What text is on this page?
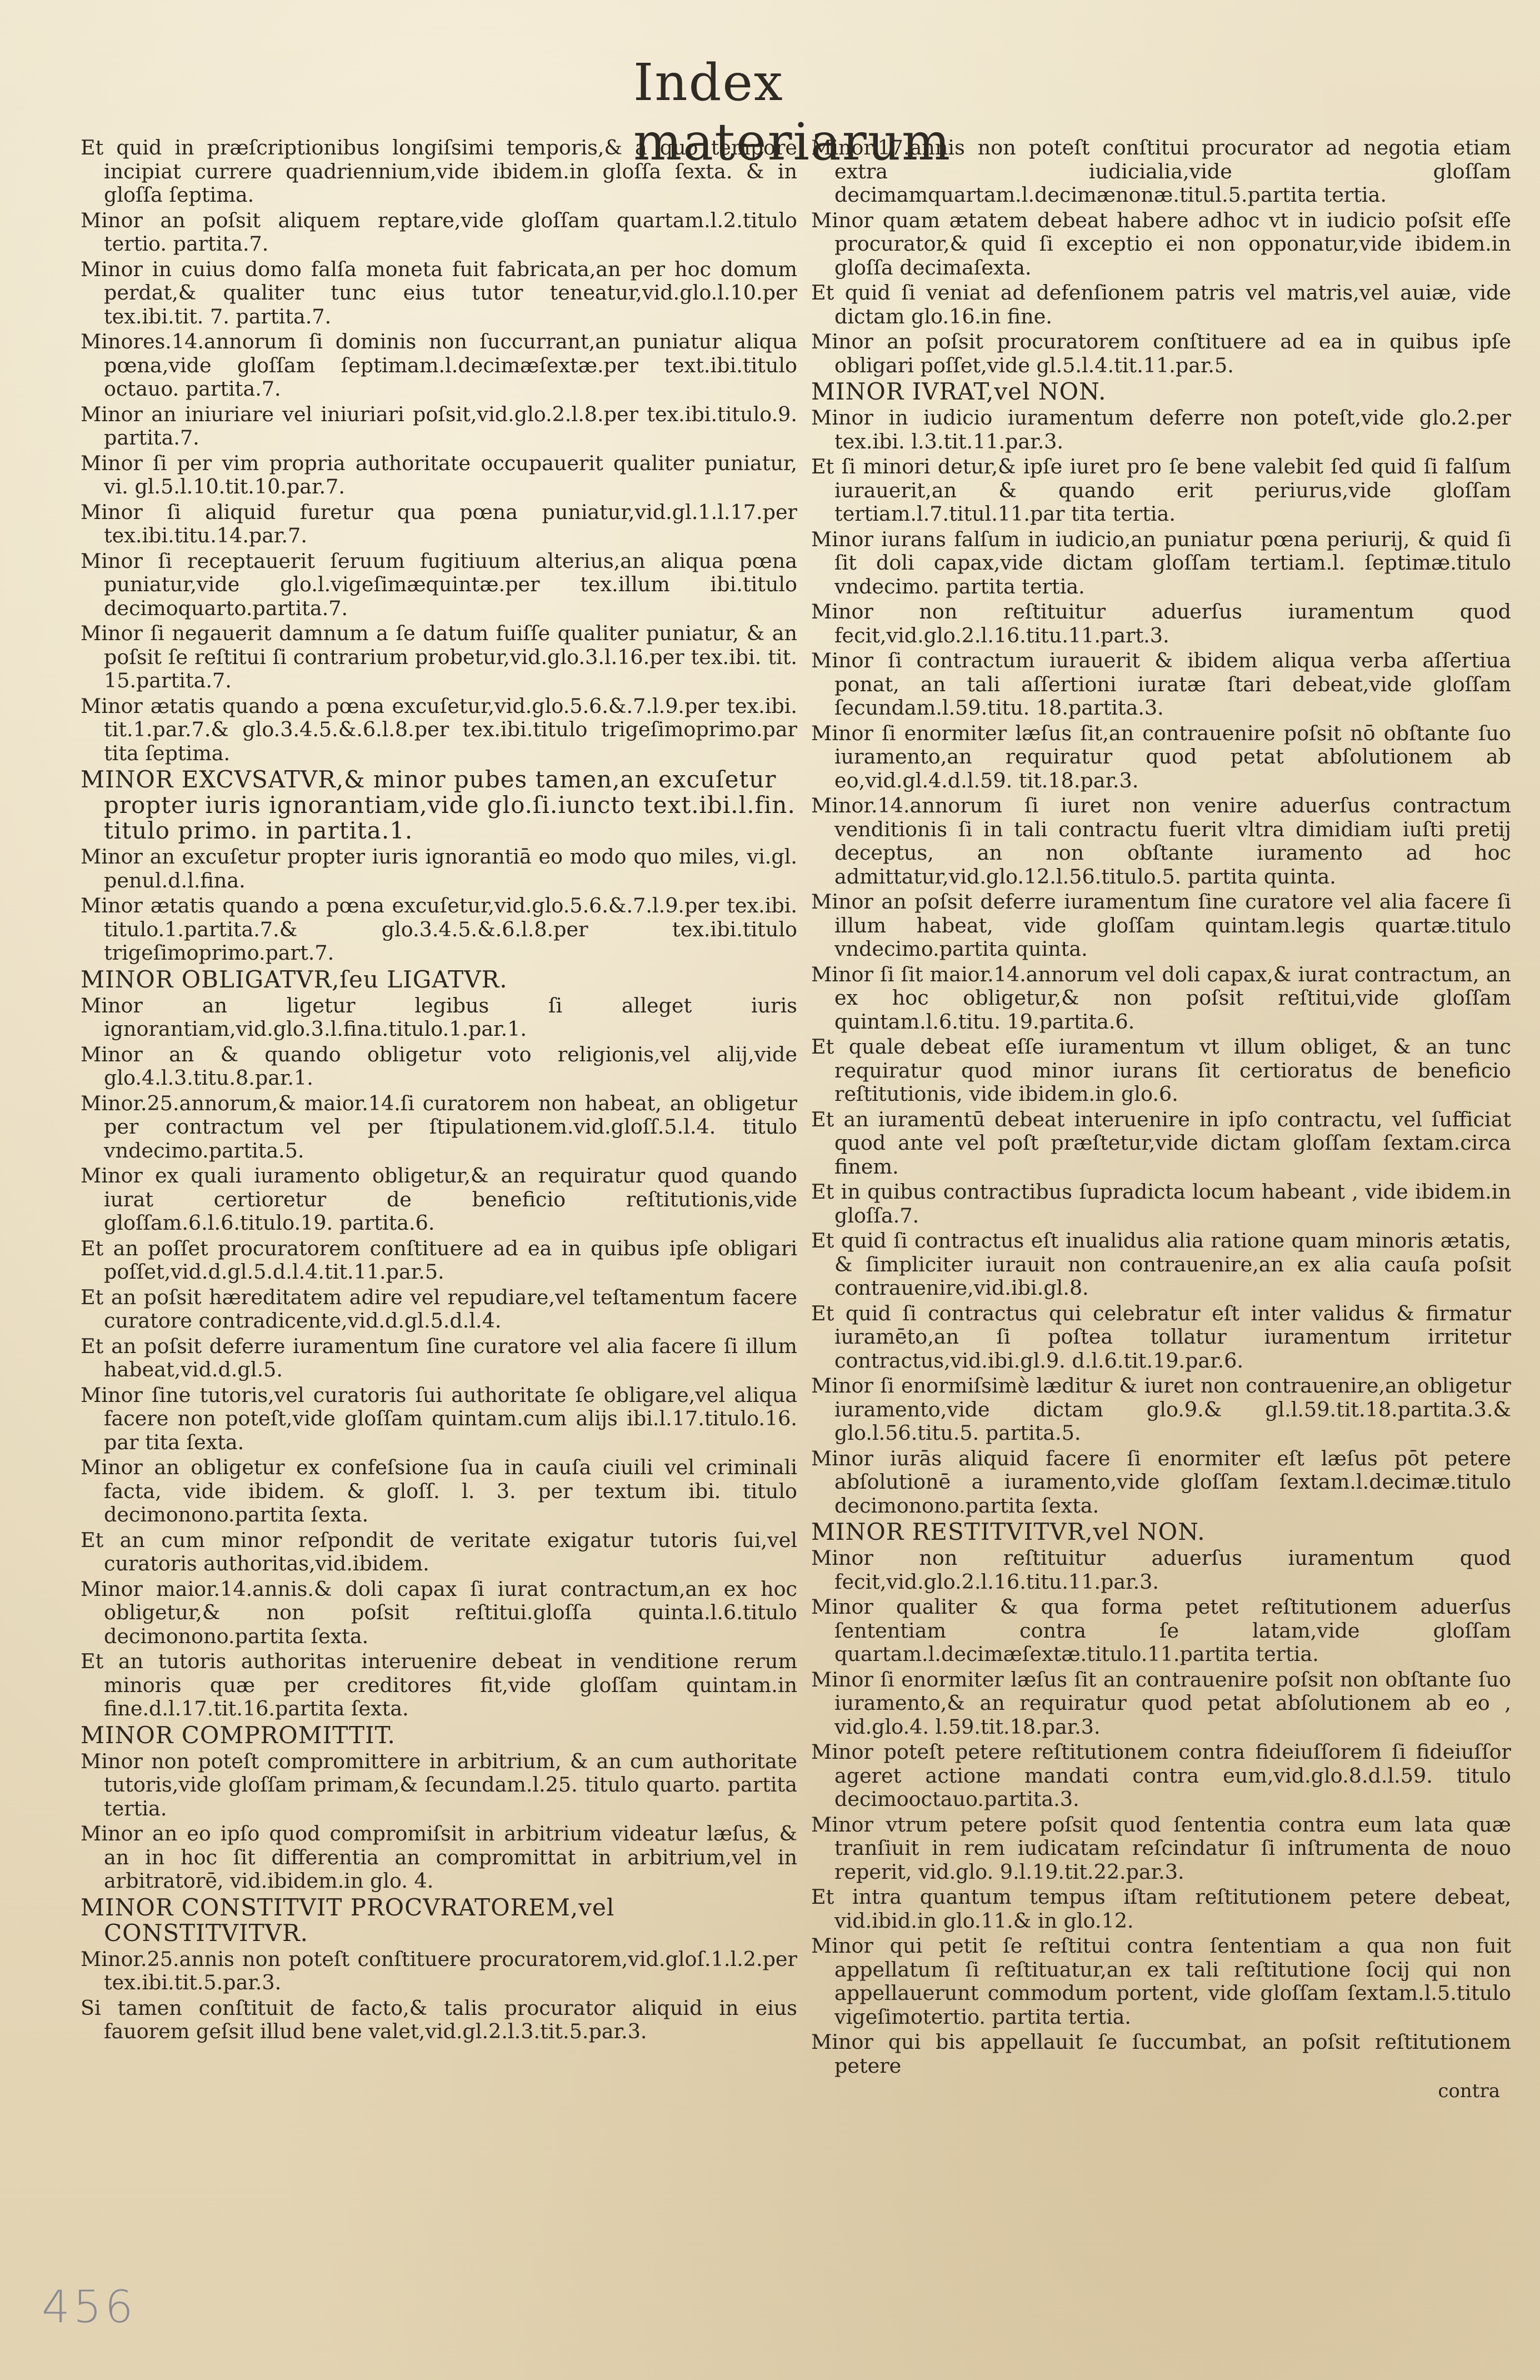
Index materiarum

Et quid in præſcriptionibus longiſsimi temporis,& a quo tempore incipiat currere quadriennium,vide ibidem.in gloſſa ſexta. & in gloſſa ſeptima.

Minor an poſsit aliquem reptare,vide gloſſam quartam.l.2.titulo tertio. partita.7.

Minor in cuius domo falſa moneta fuit fabricata,an per hoc domum perdat,& qualiter tunc eius tutor teneatur,vid.glo.l.10.per tex.ibi.tit. 7. partita.7.

Minores.14.annorum ſi dominis non ſuccurrant,an puniatur aliqua pœna,vide gloſſam ſeptimam.l.decimæſextæ.per text.ibi.titulo octauo. partita.7.

Minor an iniuriare vel iniuriari poſsit,vid.glo.2.l.8.per tex.ibi.titulo.9. partita.7.

Minor ſi per vim propria authoritate occupauerit qualiter puniatur, vi. gl.5.l.10.tit.10.par.7.

Minor ſi aliquid furetur qua pœna puniatur,vid.gl.1.l.17.per tex.ibi.titu.14.par.7.

Minor ſi receptauerit ſeruum fugitiuum alterius,an aliqua pœna puniatur,vide glo.l.vigeſimæquintæ.per tex.illum ibi.titulo decimoquarto.partita.7.

Minor ſi negauerit damnum a ſe datum fuiſſe qualiter puniatur, & an poſsit ſe reſtitui ſi contrarium probetur,vid.glo.3.l.16.per tex.ibi. tit. 15.partita.7.

Minor ætatis quando a pœna excuſetur,vid.glo.5.6.&.7.l.9.per tex.ibi. tit.1.par.7.& glo.3.4.5.&.6.l.8.per tex.ibi.titulo trigeſimoprimo.par tita ſeptima.

MINOR EXCVSATVR,& minor pubes tamen,an excuſetur propter iuris ignorantiam,vide glo.ſi.iuncto text.ibi.l.fin. titulo primo. in partita.1.

Minor an excuſetur propter iuris ignorantiā eo modo quo miles, vi.gl. penul.d.l.fina.

Minor ætatis quando a pœna excuſetur,vid.glo.5.6.&.7.l.9.per tex.ibi. titulo.1.partita.7.& glo.3.4.5.&.6.l.8.per tex.ibi.titulo trigeſimoprimo.part.7.

MINOR OBLIGATVR,ſeu LIGATVR.

Minor an ligetur legibus ſi alleget iuris ignorantiam,vid.glo.3.l.fina.titulo.1.par.1.

Minor an & quando obligetur voto religionis,vel alij,vide glo.4.l.3.titu.8.par.1.

Minor.25.annorum,& maior.14.ſi curatorem non habeat, an obligetur per contractum vel per ſtipulationem.vid.gloſſ.5.l.4. titulo vndecimo.partita.5.

Minor ex quali iuramento obligetur,& an requiratur quod quando iurat certioretur de beneficio reſtitutionis,vide gloſſam.6.l.6.titulo.19. partita.6.

Et an poſſet procuratorem conſtituere ad ea in quibus ipſe obligari poſſet,vid.d.gl.5.d.l.4.tit.11.par.5.

Et an poſsit hæreditatem adire vel repudiare,vel teſtamentum facere curatore contradicente,vid.d.gl.5.d.l.4.

Et an poſsit deferre iuramentum ſine curatore vel alia facere ſi illum habeat,vid.d.gl.5.

Minor ſine tutoris,vel curatoris ſui authoritate ſe obligare,vel aliqua facere non poteſt,vide gloſſam quintam.cum alijs ibi.l.17.titulo.16. par tita ſexta.

Minor an obligetur ex confeſsione ſua in cauſa ciuili vel criminali facta, vide ibidem. & gloſſ. l. 3. per textum ibi. titulo decimonono.partita ſexta.

Et an cum minor reſpondit de veritate exigatur tutoris ſui,vel curatoris authoritas,vid.ibidem.

Minor maior.14.annis.& doli capax ſi iurat contractum,an ex hoc obligetur,& non poſsit reſtitui.gloſſa quinta.l.6.titulo decimonono.partita ſexta.

Et an tutoris authoritas interuenire debeat in venditione rerum minoris quæ per creditores fit,vide gloſſam quintam.in fine.d.l.17.tit.16.partita ſexta.

MINOR COMPROMITTIT.

Minor non poteſt compromittere in arbitrium, & an cum authoritate tutoris,vide gloſſam primam,& ſecundam.l.25. titulo quarto. partita tertia.

Minor an eo ipſo quod compromiſsit in arbitrium videatur læſus, & an in hoc ſit differentia an compromittat in arbitrium,vel in arbitratorē, vid.ibidem.in glo. 4.

MINOR CONSTITVIT PROCVRATOREM,vel CONSTITVITVR.

Minor.25.annis non poteſt conſtituere procuratorem,vid.gloſ.1.l.2.per tex.ibi.tit.5.par.3.

Si tamen conſtituit de facto,& talis procurator aliquid in eius fauorem geſsit illud bene valet,vid.gl.2.l.3.tit.5.par.3.

Minor.17.annis non poteſt conſtitui procurator ad negotia etiam extra iudicialia,vide gloſſam decimamquartam.l.decimænonæ.titul.5.partita tertia.

Minor quam ætatem debeat habere adhoc vt in iudicio poſsit eſſe procurator,& quid ſi exceptio ei non opponatur,vide ibidem.in gloſſa decimaſexta.

Et quid ſi veniat ad defenſionem patris vel matris,vel auiæ, vide dictam glo.16.in fine.

Minor an poſsit procuratorem conſtituere ad ea in quibus ipſe obligari poſſet,vide gl.5.l.4.tit.11.par.5.

MINOR IVRAT,vel NON.

Minor in iudicio iuramentum deferre non poteſt,vide glo.2.per tex.ibi. l.3.tit.11.par.3.

Et ſi minori detur,& ipſe iuret pro ſe bene valebit ſed quid ſi falſum iurauerit,an & quando erit periurus,vide gloſſam tertiam.l.7.titul.11.par tita tertia.

Minor iurans falſum in iudicio,an puniatur pœna periurij, & quid ſi ſit doli capax,vide dictam gloſſam tertiam.l. ſeptimæ.titulo vndecimo. partita tertia.

Minor non reſtituitur aduerſus iuramentum quod fecit,vid.glo.2.l.16.titu.11.part.3.

Minor ſi contractum iurauerit & ibidem aliqua verba aſſertiua ponat, an tali aſſertioni iuratæ ſtari debeat,vide gloſſam ſecundam.l.59.titu. 18.partita.3.

Minor ſi enormiter læſus ſit,an contrauenire poſsit nō obſtante ſuo iuramento,an requiratur quod petat abſolutionem ab eo,vid.gl.4.d.l.59. tit.18.par.3.

Minor.14.annorum ſi iuret non venire aduerſus contractum venditionis ſi in tali contractu fuerit vltra dimidiam iuſti pretij deceptus, an non obſtante iuramento ad hoc admittatur,vid.glo.12.l.56.titulo.5. partita quinta.

Minor an poſsit deferre iuramentum ſine curatore vel alia facere ſi illum habeat, vide gloſſam quintam.legis quartæ.titulo vndecimo.partita quinta.

Minor ſi ſit maior.14.annorum vel doli capax,& iurat contractum, an ex hoc obligetur,& non poſsit reſtitui,vide gloſſam quintam.l.6.titu. 19.partita.6.

Et quale debeat eſſe iuramentum vt illum obliget, & an tunc requiratur quod minor iurans ſit certioratus de beneficio reſtitutionis, vide ibidem.in glo.6.

Et an iuramentū debeat interuenire in ipſo contractu, vel ſufficiat quod ante vel poſt præſtetur,vide dictam gloſſam ſextam.circa finem.

Et in quibus contractibus ſupradicta locum habeant , vide ibidem.in gloſſa.7.

Et quid ſi contractus eſt inualidus alia ratione quam minoris ætatis, & ſimpliciter iurauit non contrauenire,an ex alia cauſa poſsit contrauenire,vid.ibi.gl.8.

Et quid ſi contractus qui celebratur eſt inter validus & firmatur iuramēto,an ſi poſtea tollatur iuramentum irritetur contractus,vid.ibi.gl.9. d.l.6.tit.19.par.6.

Minor ſi enormiſsimè læditur & iuret non contrauenire,an obligetur iuramento,vide dictam glo.9.& gl.l.59.tit.18.partita.3.& glo.l.56.titu.5. partita.5.

Minor iurās aliquid facere ſi enormiter eſt læſus pōt petere abſolutionē a iuramento,vide gloſſam ſextam.l.decimæ.titulo decimonono.partita ſexta.

MINOR RESTITVITVR,vel NON.

Minor non reſtituitur aduerſus iuramentum quod fecit,vid.glo.2.l.16.titu.11.par.3.

Minor qualiter & qua forma petet reſtitutionem aduerſus ſententiam contra ſe latam,vide gloſſam quartam.l.decimæſextæ.titulo.11.partita tertia.

Minor ſi enormiter læſus ſit an contrauenire poſsit non obſtante ſuo iuramento,& an requiratur quod petat abſolutionem ab eo , vid.glo.4. l.59.tit.18.par.3.

Minor poteſt petere reſtitutionem contra fideiuſſorem ſi fideiuſſor ageret actione mandati contra eum,vid.glo.8.d.l.59. titulo decimooctauo.partita.3.

Minor vtrum petere poſsit quod ſententia contra eum lata quæ tranſiuit in rem iudicatam reſcindatur ſi inſtrumenta de nouo reperit, vid.glo. 9.l.19.tit.22.par.3.

Et intra quantum tempus iſtam reſtitutionem petere debeat, vid.ibid.in glo.11.& in glo.12.

Minor qui petit ſe reſtitui contra ſententiam a qua non fuit appellatum ſi reſtituatur,an ex tali reſtitutione ſocij qui non appellauerunt commodum portent, vide gloſſam ſextam.l.5.titulo vigeſimotertio. partita tertia.

Minor qui bis appellauit ſe ſuccumbat, an poſsit reſtitutionem petere

contra

456
